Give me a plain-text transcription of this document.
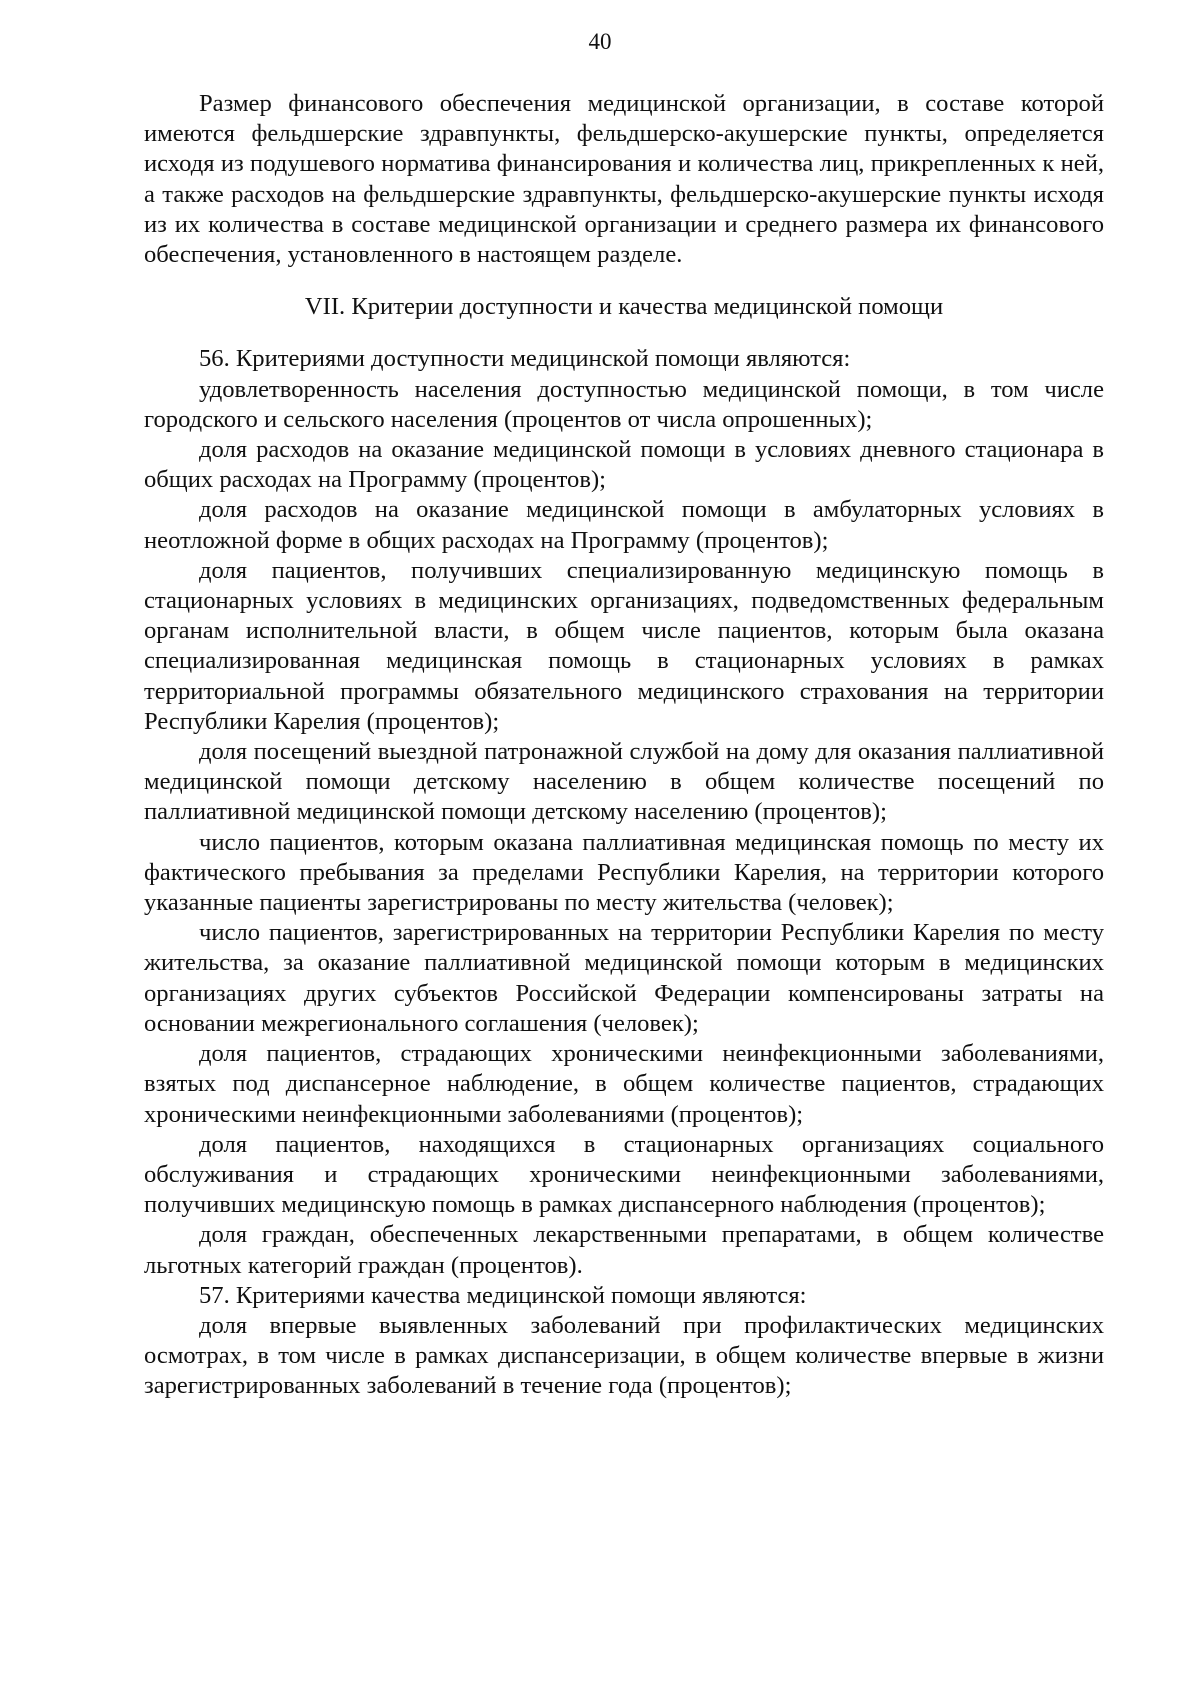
40

Размер финансового обеспечения медицинской организации, в составе которой имеются фельдшерские здравпункты, фельдшерско-акушерские пункты, определяется исходя из подушевого норматива финансирования и количества лиц, прикрепленных к ней, а также расходов на фельдшерские здравпункты, фельдшерско-акушерские пункты исходя из их количества в составе медицинской организации и среднего размера их финансового обеспечения, установленного в настоящем разделе.

VII. Критерии доступности и качества медицинской помощи

56. Критериями доступности медицинской помощи являются:

удовлетворенность населения доступностью медицинской помощи, в том числе городского и сельского населения (процентов от числа опрошенных);

доля расходов на оказание медицинской помощи в условиях дневного стационара в общих расходах на Программу (процентов);

доля расходов на оказание медицинской помощи в амбулаторных условиях в неотложной форме в общих расходах на Программу (процентов);

доля пациентов, получивших специализированную медицинскую помощь в стационарных условиях в медицинских организациях, подведомственных федеральным органам исполнительной власти, в общем числе пациентов, которым была оказана специализированная медицинская помощь в стационарных условиях в рамках территориальной программы обязательного медицинского страхования на территории Республики Карелия (процентов);

доля посещений выездной патронажной службой на дому для оказания паллиативной медицинской помощи детскому населению в общем количестве посещений по паллиативной медицинской помощи детскому населению (процентов);

число пациентов, которым оказана паллиативная медицинская помощь по месту их фактического пребывания за пределами Республики Карелия, на территории которого указанные пациенты зарегистрированы по месту жительства (человек);

число пациентов, зарегистрированных на территории Республики Карелия по месту жительства, за оказание паллиативной медицинской помощи которым в медицинских организациях других субъектов Российской Федерации компенсированы затраты на основании межрегионального соглашения (человек);

доля пациентов, страдающих хроническими неинфекционными заболеваниями, взятых под диспансерное наблюдение, в общем количестве пациентов, страдающих хроническими неинфекционными заболеваниями (процентов);

доля пациентов, находящихся в стационарных организациях социального обслуживания и страдающих хроническими неинфекционными заболеваниями, получивших медицинскую помощь в рамках диспансерного наблюдения (процентов);

доля граждан, обеспеченных лекарственными препаратами, в общем количестве льготных категорий граждан (процентов).

57. Критериями качества медицинской помощи являются:

доля впервые выявленных заболеваний при профилактических медицинских осмотрах, в том числе в рамках диспансеризации, в общем количестве впервые в жизни зарегистрированных заболеваний в течение года (процентов);
